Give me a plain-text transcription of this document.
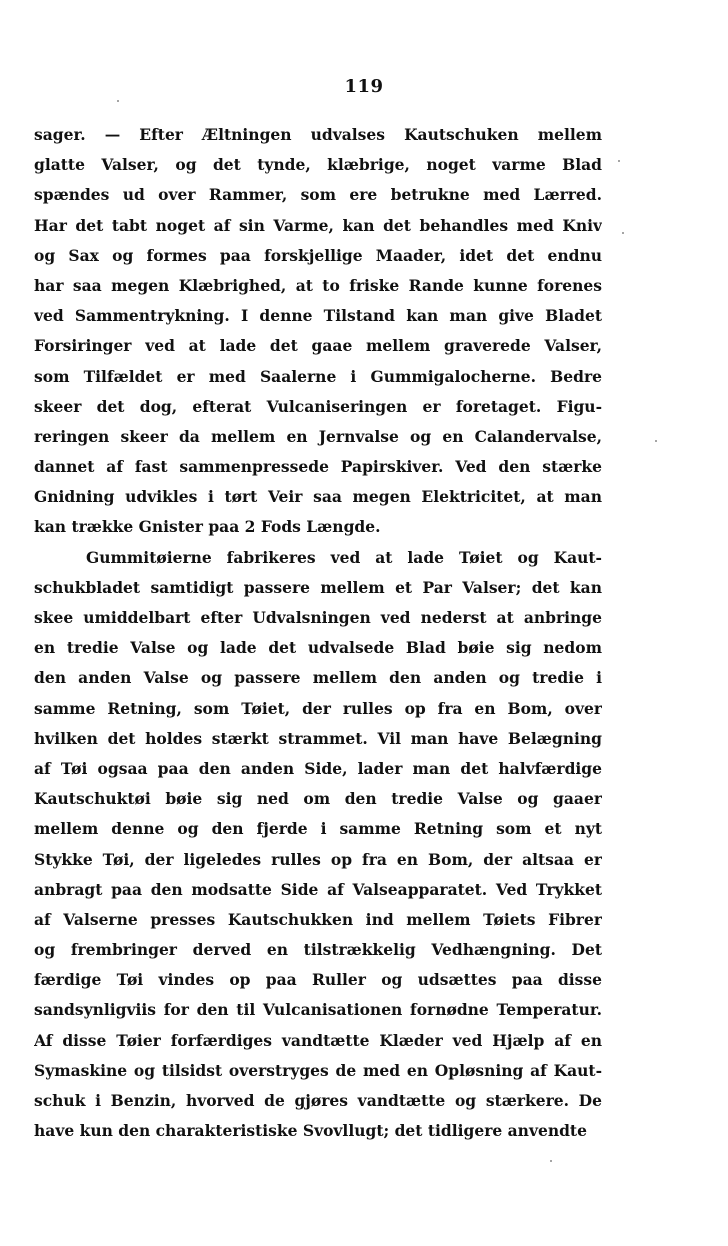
119
sager. — Efter Æltningen udvalses Kautschuken mellem
glatte Valser, og det tynde, klæbrige, noget varme Blad
spændes ud over Rammer, som ere betrukne med Lærred.
Har det tabt noget af sin Varme, kan det behandles med Kniv
og Sax og formes paa forskjellige Maader, idet det endnu
har saa megen Klæbrighed, at to friske Rande kunne forenes
ved Sammentrykning. I denne Tilstand kan man give Bladet
Forsiringer ved at lade det gaae mellem graverede Valser,
som Tilfældet er med Saalerne i Gummigalocherne. Bedre
skeer det dog, efterat Vulcaniseringen er foretaget. Figu-
reringen skeer da mellem en Jernvalse og en Calandervalse,
dannet af fast sammenpressede Papirskiver. Ved den stærke
Gnidning udvikles i tørt Veir saa megen Elektricitet, at man
kan trække Gnister paa 2 Fods Længde.
Gummitøierne fabrikeres ved at lade Tøiet og Kaut-
schukbladet samtidigt passere mellem et Par Valser; det kan
skee umiddelbart efter Udvalsningen ved nederst at anbringe
en tredie Valse og lade det udvalsede Blad bøie sig nedom
den anden Valse og passere mellem den anden og tredie i
samme Retning, som Tøiet, der rulles op fra en Bom, over
hvilken det holdes stærkt strammet. Vil man have Belægning
af Tøi ogsaa paa den anden Side, lader man det halvfærdige
Kautschuktøi bøie sig ned om den tredie Valse og gaaer
mellem denne og den fjerde i samme Retning som et nyt
Stykke Tøi, der ligeledes rulles op fra en Bom, der altsaa er
anbragt paa den modsatte Side af Valseapparatet. Ved Trykket
af Valserne presses Kautschukken ind mellem Tøiets Fibrer
og frembringer derved en tilstrækkelig Vedhængning. Det
færdige Tøi vindes op paa Ruller og udsættes paa disse
sandsynligviis for den til Vulcanisationen fornødne Temperatur.
Af disse Tøier forfærdiges vandtætte Klæder ved Hjælp af en
Symaskine og tilsidst overstryges de med en Opløsning af Kaut-
schuk i Benzin, hvorved de gjøres vandtætte og stærkere. De
have kun den charakteristiske Svovllugt; det tidligere anvendte
